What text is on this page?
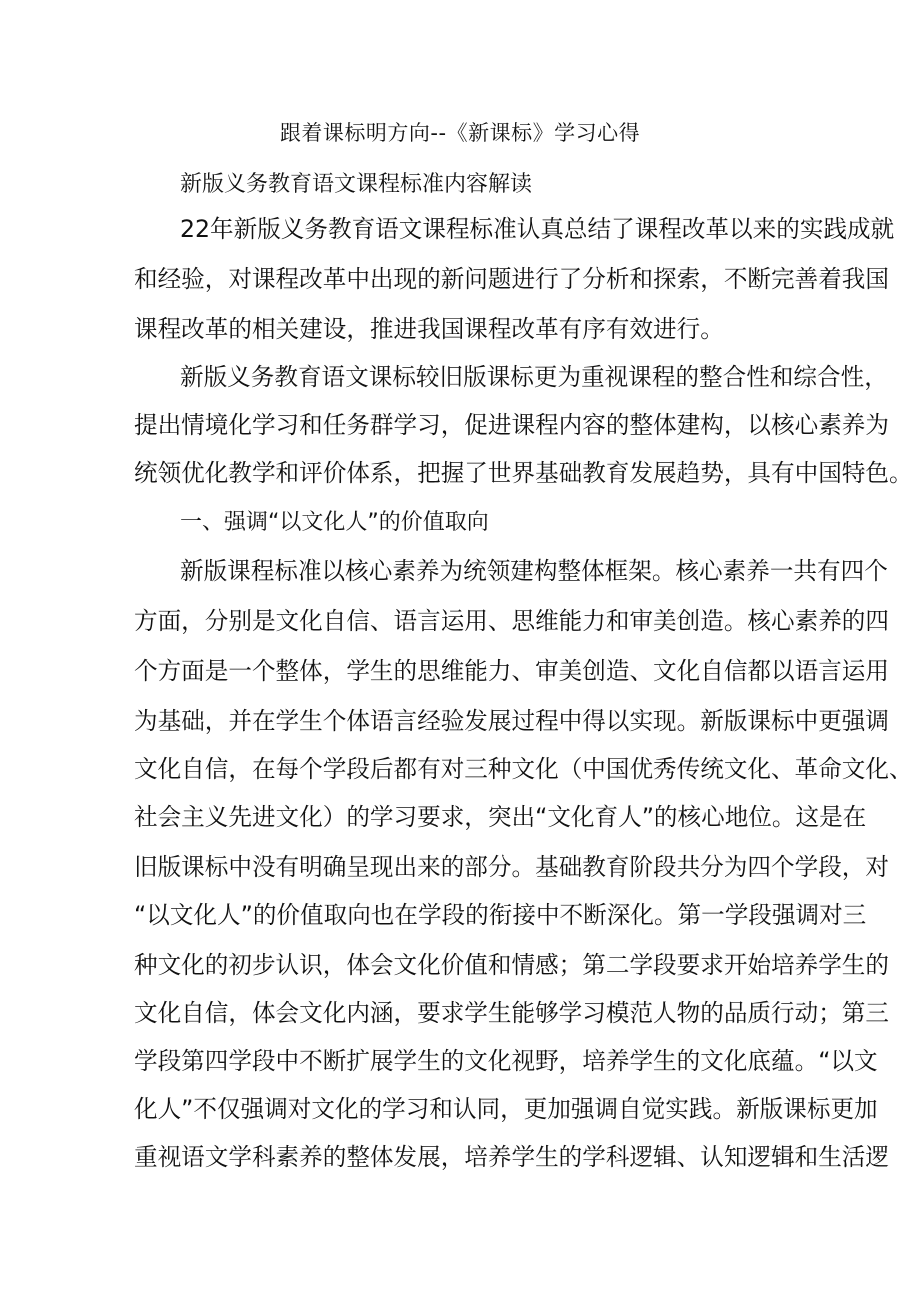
跟着课标明方向--《新课标》学习心得
新版义务教育语文课程标准内容解读
22年新版义务教育语文课程标准认真总结了课程改革以来的实践成就
和经验，对课程改革中出现的新问题进行了分析和探索，不断完善着我国
课程改革的相关建设，推进我国课程改革有序有效进行。
新版义务教育语文课标较旧版课标更为重视课程的整合性和综合性，
提出情境化学习和任务群学习，促进课程内容的整体建构，以核心素养为
统领优化教学和评价体系，把握了世界基础教育发展趋势，具有中国特色。
一、强调“以文化人”的价值取向
新版课程标准以核心素养为统领建构整体框架。核心素养一共有四个
方面，分别是文化自信、语言运用、思维能力和审美创造。核心素养的四
个方面是一个整体，学生的思维能力、审美创造、文化自信都以语言运用
为基础，并在学生个体语言经验发展过程中得以实现。新版课标中更强调
文化自信，在每个学段后都有对三种文化（中国优秀传统文化、革命文化、
社会主义先进文化）的学习要求，突出“文化育人”的核心地位。这是在
旧版课标中没有明确呈现出来的部分。基础教育阶段共分为四个学段，对
“以文化人”的价值取向也在学段的衔接中不断深化。第一学段强调对三
种文化的初步认识，体会文化价值和情感；第二学段要求开始培养学生的
文化自信，体会文化内涵，要求学生能够学习模范人物的品质行动；第三
学段第四学段中不断扩展学生的文化视野，培养学生的文化底蕴。“以文
化人”不仅强调对文化的学习和认同，更加强调自觉实践。新版课标更加
重视语文学科素养的整体发展，培养学生的学科逻辑、认知逻辑和生活逻
